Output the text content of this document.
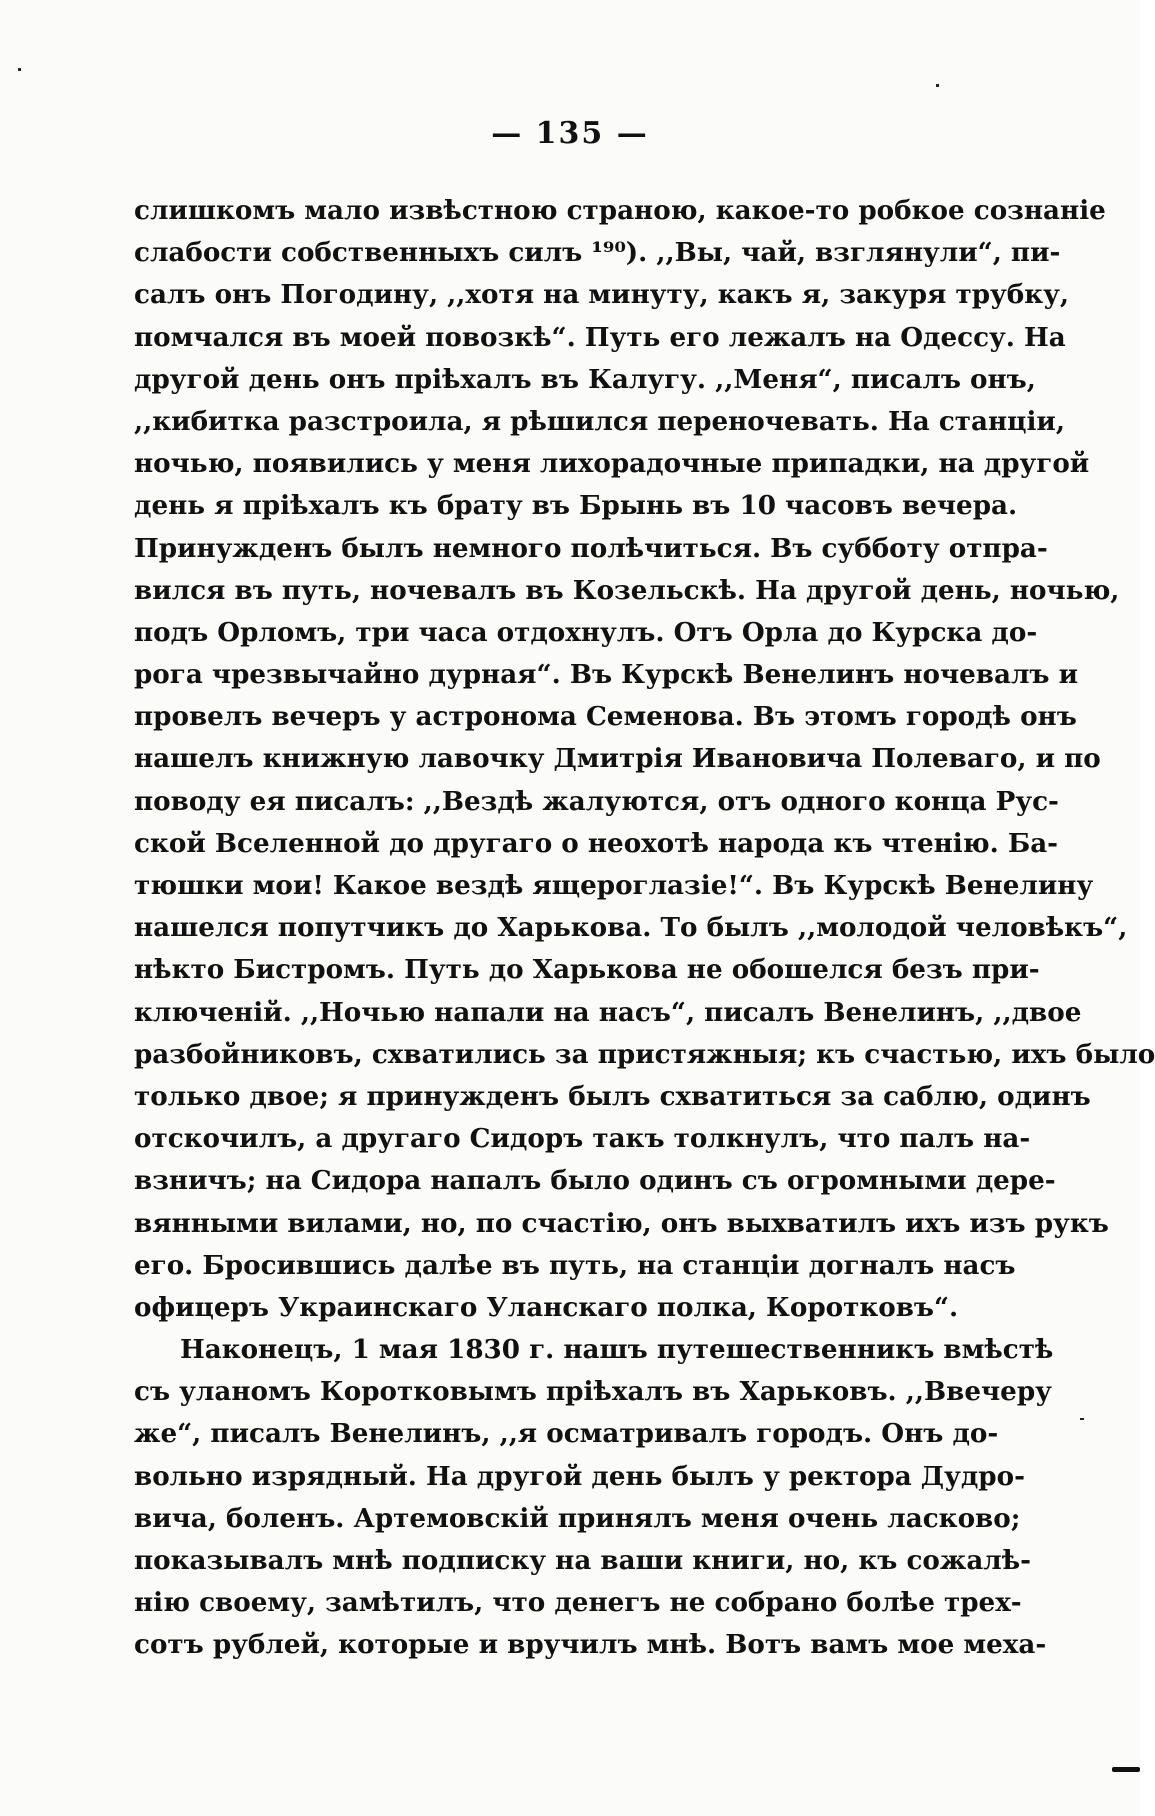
— 135 —
слишкомъ мало извѣстною страною, какое-то робкое сознаніе
слабости собственныхъ силъ ¹⁹⁰). ,,Вы, чай, взглянули“, пи-
салъ онъ Погодину, ,,хотя на минуту, какъ я, закуря трубку,
помчался въ моей повозкѣ“. Путь его лежалъ на Одессу. На
другой день онъ пріѣхалъ въ Калугу. ,,Меня“, писалъ онъ,
,,кибитка разстроила, я рѣшился переночевать. На станціи,
ночью, появились у меня лихорадочные припадки, на другой
день я пріѣхалъ къ брату въ Брынь въ 10 часовъ вечера.
Принужденъ былъ немного полѣчиться. Въ субботу отпра-
вился въ путь, ночевалъ въ Козельскѣ. На другой день, ночью,
подъ Орломъ, три часа отдохнулъ. Отъ Орла до Курска до-
рога чрезвычайно дурная“. Въ Курскѣ Венелинъ ночевалъ и
провелъ вечеръ у астронома Семенова. Въ этомъ городѣ онъ
нашелъ книжную лавочку Дмитрія Ивановича Полеваго, и по
поводу ея писалъ: ,,Вездѣ жалуются, отъ одного конца Рус-
ской Вселенной до другаго о неохотѣ народа къ чтенію. Ба-
тюшки мои! Какое вездѣ ящероглазіе!“. Въ Курскѣ Венелину
нашелся попутчикъ до Харькова. То былъ ,,молодой человѣкъ“,
нѣкто Бистромъ. Путь до Харькова не обошелся безъ при-
ключеній. ,,Ночью напали на насъ“, писалъ Венелинъ, ,,двое
разбойниковъ, схватились за пристяжныя; къ счастью, ихъ было
только двое; я принужденъ былъ схватиться за саблю, одинъ
отскочилъ, а другаго Сидоръ такъ толкнулъ, что палъ на-
взничъ; на Сидора напалъ было одинъ съ огромными дере-
вянными вилами, но, по счастію, онъ выхватилъ ихъ изъ рукъ
его. Бросившись далѣе въ путь, на станціи догналъ насъ
офицеръ Украинскаго Уланскаго полка, Коротковъ“.
Наконецъ, 1 мая 1830 г. нашъ путешественникъ вмѣстѣ
съ уланомъ Коротковымъ пріѣхалъ въ Харьковъ. ,,Ввечеру
же“, писалъ Венелинъ, ,,я осматривалъ городъ. Онъ до-
вольно изрядный. На другой день былъ у ректора Дудро-
вича, боленъ. Артемовскій принялъ меня очень ласково;
показывалъ мнѣ подписку на ваши книги, но, къ сожалѣ-
нію своему, замѣтилъ, что денегъ не собрано болѣе трех-
сотъ рублей, которые и вручилъ мнѣ. Вотъ вамъ мое меха-
